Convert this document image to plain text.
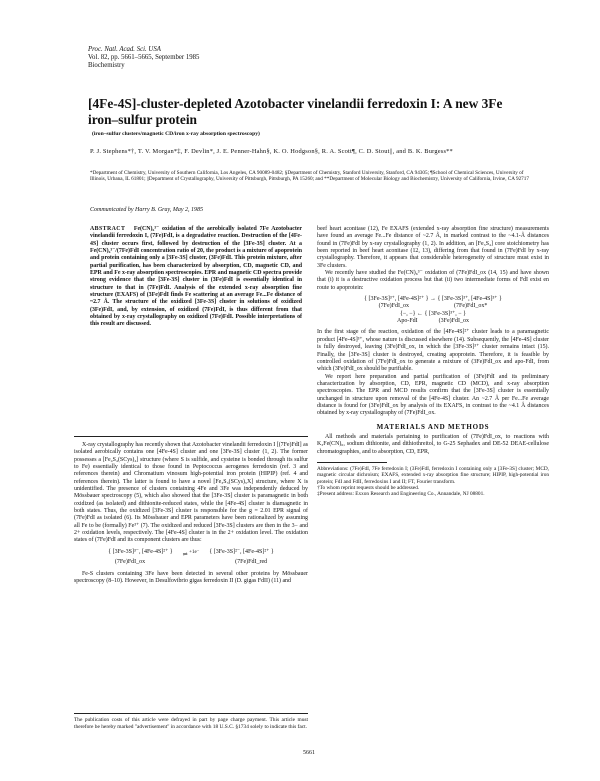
Proc. Natl. Acad. Sci. USA
Vol. 82, pp. 5661–5665, September 1985
Biochemistry
[4Fe-4S]-cluster-depleted Azotobacter vinelandii ferredoxin I: A new 3Fe iron–sulfur protein
(iron–sulfur clusters/magnetic CD/iron x-ray absorption spectroscopy)
P. J. Stephens*†, T. V. Morgan*‡, F. Devlin*, J. E. Penner-Hahn§, K. O. Hodgson§, R. A. Scott¶, C. D. Stout||, and B. K. Burgess**
*Department of Chemistry, University of Southern California, Los Angeles, CA 90089-0482; §Department of Chemistry, Stanford University, Stanford, CA 94305; ¶School of Chemical Sciences, University of Illinois, Urbana, IL 61801; ||Department of Crystallography, University of Pittsburgh, Pittsburgh, PA 15260; and **Department of Molecular Biology and Biochemistry, University of California, Irvine, CA 92717
Communicated by Harry B. Gray, May 2, 1985

ABSTRACT Fe(CN)₆³⁻ oxidation of the aerobically isolated 7Fe Azotobacter vinelandii ferredoxin I, (7Fe)FdI, is a degradative reaction. Destruction of the [4Fe-4S] cluster occurs first, followed by destruction of the [3Fe-3S] cluster. At a Fe(CN)₆³⁻/(7Fe)FdI concentration ratio of 20, the product is a mixture of apoprotein and protein containing only a [3Fe-3S] cluster, (3Fe)FdI. This protein mixture, after partial purification, has been characterized by absorption, CD, magnetic CD, and EPR and Fe x-ray absorption spectroscopies. EPR and magnetic CD spectra provide strong evidence that the [3Fe-3S] cluster in (3Fe)FdI is essentially identical in structure to that in (7Fe)FdI. Analysis of the extended x-ray absorption fine structure (EXAFS) of (3Fe)FdI finds Fe scattering at an average Fe...Fe distance of ~2.7 Å. The structure of the oxidized [3Fe-3S] cluster in solutions of oxidized (3Fe)FdI, and, by extension, of oxidized (7Fe)FdI, is thus different from that obtained by x-ray crystallography on oxidized (7Fe)FdI. Possible interpretations of this result are discussed.

X-ray crystallography has recently shown that Azotobacter vinelandii ferredoxin I [(7Fe)FdI] as isolated aerobically contains one [4Fe-4S] cluster and one [3Fe-3S] cluster (1, 2). The former possesses a [Fe₄S₄(SCys)₄] structure (where S is sulfide, and cysteine is bonded through its sulfur to Fe) essentially identical to those found in Peptococcus aerogenes ferredoxin (ref. 3 and references therein) and Chromatium vinosum high-potential iron protein (HIPIP) (ref. 4 and references therein). The latter is found to have a novel [Fe₃S₃(SCys)₅X] structure, where X is unidentified. The presence of clusters containing 4Fe and 3Fe was independently deduced by Mössbauer spectroscopy (5), which also showed that the [3Fe-3S] cluster is paramagnetic in both oxidized (as isolated) and dithionite-reduced states, while the [4Fe-4S] cluster is diamagnetic in both states. Thus, the oxidized [3Fe-3S] cluster is responsible for the g = 2.01 EPR signal of (7Fe)FdI as isolated (6). Its Mössbauer and EPR parameters have been rationalized by assuming all Fe to be (formally) Fe³⁺ (7). The oxidized and reduced [3Fe-3S] clusters are then in the 3− and 2+ oxidation levels, respectively. The [4Fe-4S] cluster is in the 2+ oxidation level. The oxidation states of (7Fe)FdI and its component clusters are thus:

{ [3Fe-3S]³⁻, [4Fe-4S]²⁺ } ⇌ $^{+1e^-}$ { [3Fe-3S]²⁻, [4Fe-4S]²⁺ }
(7Fe)FdI_ox	(7Fe)FdI_red

Fe-S clusters containing 3Fe have been detected in several other proteins by Mössbauer spectroscopy (8–10). However, in Desulfovibrio gigas ferredoxin II (D. gigas FdII) (11) and

The publication costs of this article were defrayed in part by page charge payment. This article must therefore be hereby marked "advertisement" in accordance with 18 U.S.C. §1734 solely to indicate this fact.

beef heart aconitase (12), Fe EXAFS (extended x-ray absorption fine structure) measurements have found an average Fe...Fe distance of ~2.7 Å, in marked contrast to the ~4.1-Å distances found in (7Fe)FdI by x-ray crystallography (1, 2). In addition, an [Fe₃S₄] core stoichiometry has been reported in beef heart aconitase (12, 13), differing from that found in (7Fe)FdI by x-ray crystallography. Therefore, it appears that considerable heterogeneity of structure must exist in 3Fe clusters.

We recently have studied the Fe(CN)₆³⁻ oxidation of (7Fe)FdI_ox (14, 15) and have shown that (i) it is a destructive oxidation process but that (ii) two intermediate forms of FdI exist en route to apoprotein:

{ [3Fe-3S]³⁺, [4Fe-4S]²⁺ } → { [3Fe-3S]³⁺, [4Fe-4S]³⁺ }
(7Fe)FdI_ox                              (7Fe)FdI_ox*
{−, −} ← { [3Fe-3S]³⁺, − }
Apo-FdI              (3Fe)FdI_ox

In the first stage of the reaction, oxidation of the [4Fe-4S]²⁺ cluster leads to a paramagnetic product [4Fe-4S]³⁺, whose nature is discussed elsewhere (14). Subsequently, the [4Fe-4S] cluster is fully destroyed, leaving (3Fe)FdI_ox, in which the [3Fe-3S]³⁺ cluster remains intact (15). Finally, the [3Fe-3S] cluster is destroyed, creating apoprotein. Therefore, it is feasible by controlled oxidation of (7Fe)FdI_ox to generate a mixture of (3Fe)FdI_ox and apo-FdI, from which (3Fe)FdI_ox should be purifiable.

We report here preparation and partial purification of (3Fe)FdI and its preliminary characterization by absorption, CD, EPR, magnetic CD (MCD), and x-ray absorption spectroscopies. The EPR and MCD results confirm that the [3Fe-3S] cluster is essentially unchanged in structure upon removal of the [4Fe-4S] cluster. An ~2.7 Å per Fe...Fe average distance is found for (3Fe)FdI_ox by analysis of its EXAFS, in contrast to the ~4.1 Å distances obtained by x-ray crystallography of (7Fe)FdI_ox.

MATERIALS AND METHODS

All methods and materials pertaining to purification of (7Fe)FdI_ox, to reactions with K₃Fe(CN)₆, sodium dithionite, and dithiothreitol, to G-25 Sephadex and DE-52 DEAE-cellulose chromatographies, and to absorption, CD, EPR,

Abbreviations: (7Fe)FdI, 7Fe ferredoxin I; (3Fe)FdI, ferredoxin I containing only a [3Fe-3S] cluster; MCD, magnetic circular dichroism; EXAFS, extended x-ray absorption fine structure; HIPIP, high-potential iron protein; FdI and FdII, ferredoxins I and II; FT, Fourier transform.
†To whom reprint requests should be addressed.
‡Present address: Exxon Research and Engineering Co., Annandale, NJ 08801.
5661
